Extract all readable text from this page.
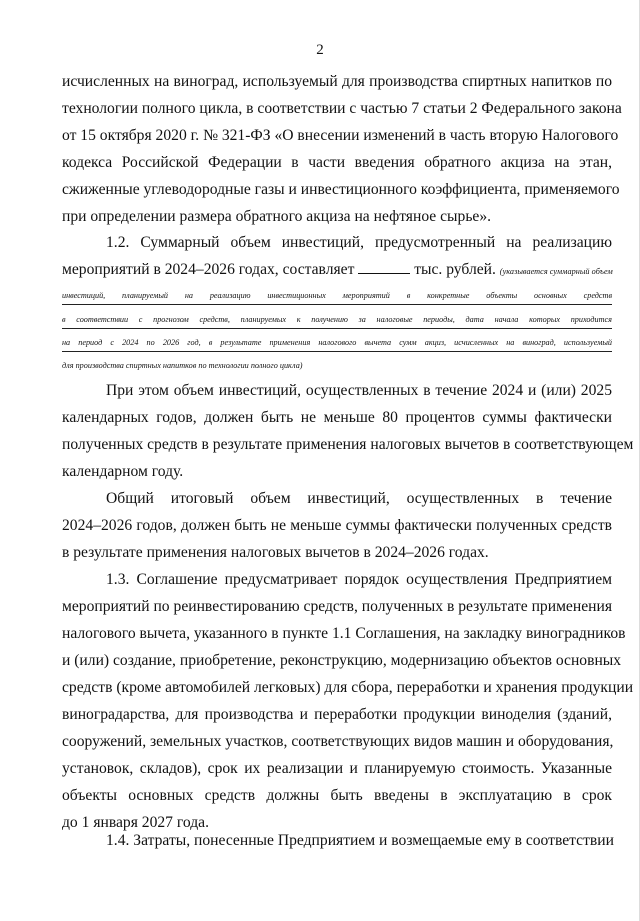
2
исчисленных на виноград, используемый для производства спиртных напитков по
технологии полного цикла, в соответствии с частью 7 статьи 2 Федерального закона
от 15 октября 2020 г. № 321-ФЗ «О внесении изменений в часть вторую Налогового
кодекса Российской Федерации в части введения обратного акциза на этан,
сжиженные углеводородные газы и инвестиционного коэффициента, применяемого
при определении размера обратного акциза на нефтяное сырье».
1.2. Суммарный объем инвестиций, предусмотренный на реализацию
мероприятий в 2024–2026 годах, составляет	тыс. рублей. (указывается суммарный объем
инвестиций, планируемый на реализацию инвестиционных мероприятий в конкретные объекты основных средств
в соответствии с прогнозом средств, планируемых к получению за налоговые периоды, дата начала которых приходится
на период с 2024 по 2026 год, в результате применения налогового вычета сумм акциз, исчисленных на виноград, используемый
для производства спиртных напитков по технологии полного цикла)
При этом объем инвестиций, осуществленных в течение 2024 и (или) 2025
календарных годов, должен быть не меньше 80 процентов суммы фактически
полученных средств в результате применения налоговых вычетов в соответствующем
календарном году.
Общий итоговый объем инвестиций, осуществленных в течение
2024–2026 годов, должен быть не меньше суммы фактически полученных средств
в результате применения налоговых вычетов в 2024–2026 годах.
1.3. Соглашение предусматривает порядок осуществления Предприятием
мероприятий по реинвестированию средств, полученных в результате применения
налогового вычета, указанного в пункте 1.1 Соглашения, на закладку виноградников
и (или) создание, приобретение, реконструкцию, модернизацию объектов основных
средств (кроме автомобилей легковых) для сбора, переработки и хранения продукции
виноградарства, для производства и переработки продукции виноделия (зданий,
сооружений, земельных участков, соответствующих видов машин и оборудования,
установок, складов), срок их реализации и планируемую стоимость. Указанные
объекты основных средств должны быть введены в эксплуатацию в срок
до 1 января 2027 года.
1.4. Затраты, понесенные Предприятием и возмещаемые ему в соответствии
